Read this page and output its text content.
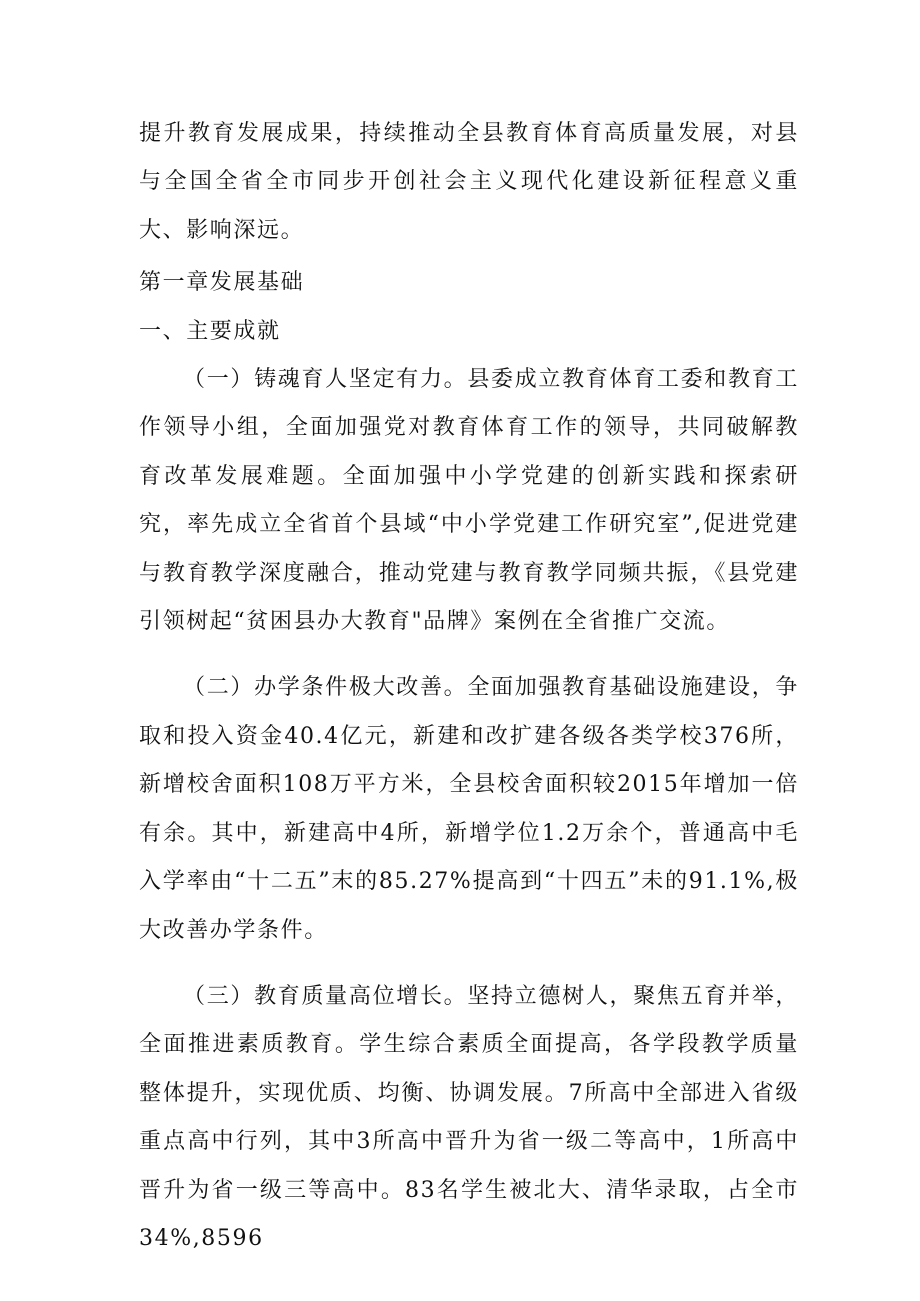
提升教育发展成果，持续推动全县教育体育高质量发展，对县与全国全省全市同步开创社会主义现代化建设新征程意义重大、影响深远。

第一章发展基础

一、主要成就

（一）铸魂育人坚定有力。县委成立教育体育工委和教育工作领导小组，全面加强党对教育体育工作的领导，共同破解教育改革发展难题。全面加强中小学党建的创新实践和探索研究，率先成立全省首个县域“中小学党建工作研究室”,促进党建与教育教学深度融合，推动党建与教育教学同频共振，《县党建引领树起“贫困县办大教育"品牌》案例在全省推广交流。

（二）办学条件极大改善。全面加强教育基础设施建设，争取和投入资金40.4亿元，新建和改扩建各级各类学校376所，新增校舍面积108万平方米，全县校舍面积较2015年增加一倍有余。其中，新建高中4所，新增学位1.2万余个，普通高中毛入学率由“十二五”末的85.27%提高到“十四五”未的91.1%,极大改善办学条件。

（三）教育质量高位增长。坚持立德树人，聚焦五育并举，全面推进素质教育。学生综合素质全面提高，各学段教学质量整体提升，实现优质、均衡、协调发展。7所高中全部进入省级重点高中行列，其中3所高中晋升为省一级二等高中，1所高中晋升为省一级三等高中。83名学生被北大、清华录取，占全市34%,8596
